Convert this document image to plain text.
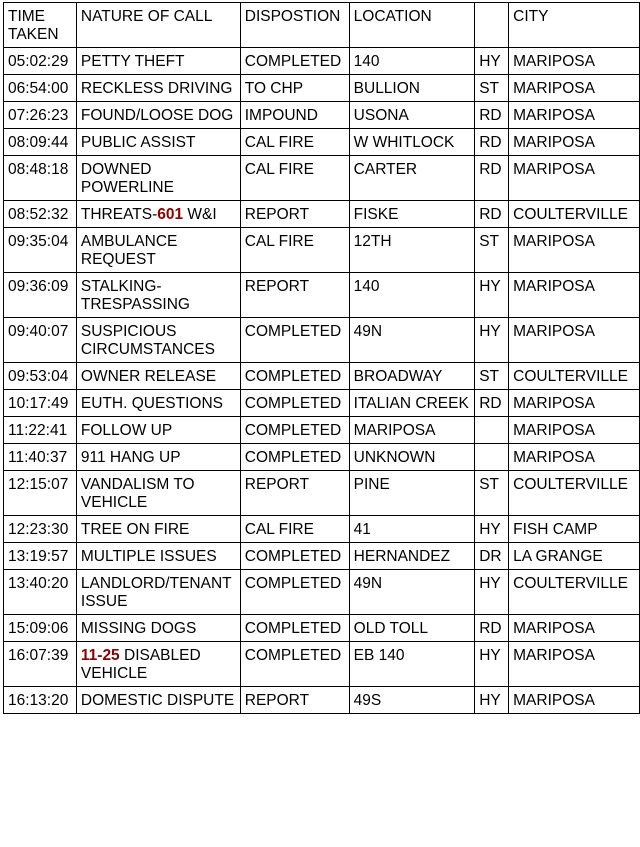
TIME TAKEN	NATURE OF CALL	DISPOSTION	LOCATION		CITY
05:02:29	PETTY THEFT	COMPLETED	140	HY	MARIPOSA
06:54:00	RECKLESS DRIVING	TO CHP	BULLION	ST	MARIPOSA
07:26:23	FOUND/LOOSE DOG	IMPOUND	USONA	RD	MARIPOSA
08:09:44	PUBLIC ASSIST	CAL FIRE	W WHITLOCK	RD	MARIPOSA
08:48:18	DOWNED POWERLINE	CAL FIRE	CARTER	RD	MARIPOSA
08:52:32	THREATS-601 W&I	REPORT	FISKE	RD	COULTERVILLE
09:35:04	AMBULANCE REQUEST	CAL FIRE	12TH	ST	MARIPOSA
09:36:09	STALKING-TRESPASSING	REPORT	140	HY	MARIPOSA
09:40:07	SUSPICIOUS CIRCUMSTANCES	COMPLETED	49N	HY	MARIPOSA
09:53:04	OWNER RELEASE	COMPLETED	BROADWAY	ST	COULTERVILLE
10:17:49	EUTH. QUESTIONS	COMPLETED	ITALIAN CREEK	RD	MARIPOSA
11:22:41	FOLLOW UP	COMPLETED	MARIPOSA		MARIPOSA
11:40:37	911 HANG UP	COMPLETED	UNKNOWN		MARIPOSA
12:15:07	VANDALISM TO VEHICLE	REPORT	PINE	ST	COULTERVILLE
12:23:30	TREE ON FIRE	CAL FIRE	41	HY	FISH CAMP
13:19:57	MULTIPLE ISSUES	COMPLETED	HERNANDEZ	DR	LA GRANGE
13:40:20	LANDLORD/TENANT ISSUE	COMPLETED	49N	HY	COULTERVILLE
15:09:06	MISSING DOGS	COMPLETED	OLD TOLL	RD	MARIPOSA
16:07:39	11-25 DISABLED VEHICLE	COMPLETED	EB 140	HY	MARIPOSA
16:13:20	DOMESTIC DISPUTE	REPORT	49S	HY	MARIPOSA
